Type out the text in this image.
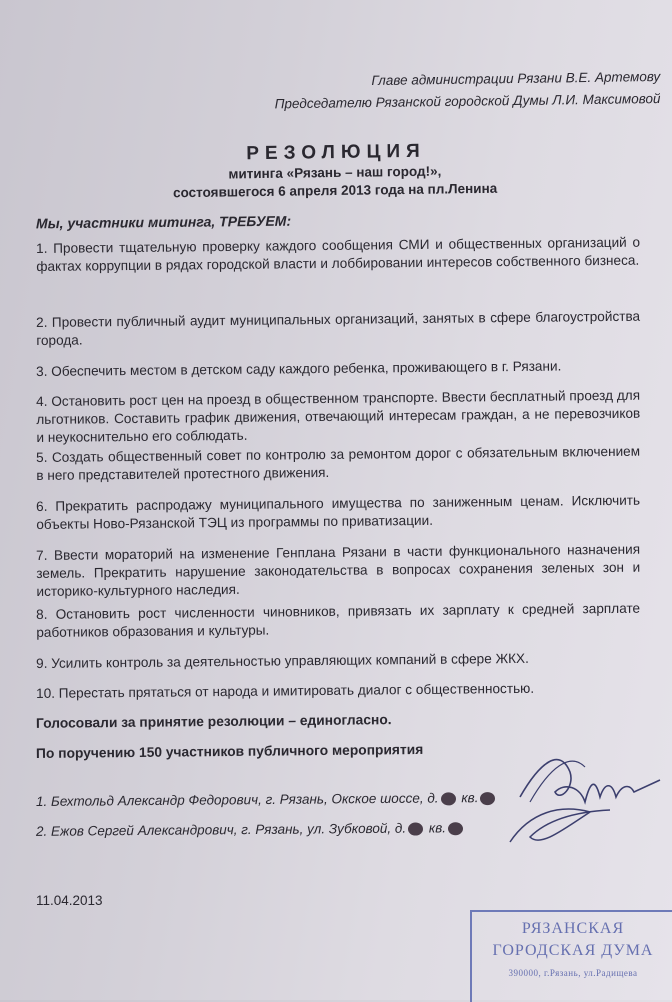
Главе администрации Рязани В.Е. Артемову
Председателю Рязанской городской Думы Л.И. Максимовой
РЕЗОЛЮЦИЯ
митинга «Рязань – наш город!»,
состоявшегося 6 апреля 2013 года на пл.Ленина
Мы, участники митинга, ТРЕБУЕМ:
1. Провести тщательную проверку каждого сообщения СМИ и общественных организаций о фактах коррупции в рядах городской власти и лоббировании интересов собственного бизнеса.
2. Провести публичный аудит муниципальных организаций, занятых в сфере благоустройства города.
3. Обеспечить местом в детском саду каждого ребенка, проживающего в г. Рязани.
4. Остановить рост цен на проезд в общественном транспорте. Ввести бесплатный проезд для льготников. Составить график движения, отвечающий интересам граждан, а не перевозчиков и неукоснительно его соблюдать.
5. Создать общественный совет по контролю за ремонтом дорог с обязательным включением в него представителей протестного движения.
6. Прекратить распродажу муниципального имущества по заниженным ценам. Исключить объекты Ново-Рязанской ТЭЦ из программы по приватизации.
7. Ввести мораторий на изменение Генплана Рязани в части функционального назначения земель. Прекратить нарушение законодательства в вопросах сохранения зеленых зон и историко-культурного наследия.
8. Остановить рост численности чиновников, привязать их зарплату к средней зарплате работников образования и культуры.
9. Усилить контроль за деятельностью управляющих компаний в сфере ЖКХ.
10. Перестать прятаться от народа и имитировать диалог с общественностью.
Голосовали за принятие резолюции – единогласно.
По поручению 150 участников публичного мероприятия
1. Бехтольд Александр Федорович, г. Рязань, Окское шоссе, д. кв.
2. Ежов Сергей Александрович, г. Рязань, ул. Зубковой, д. кв.
11.04.2013
РЯЗАНСКАЯ
ГОРОДСКАЯ ДУМА
390000, г.Рязань, ул.Радищева
